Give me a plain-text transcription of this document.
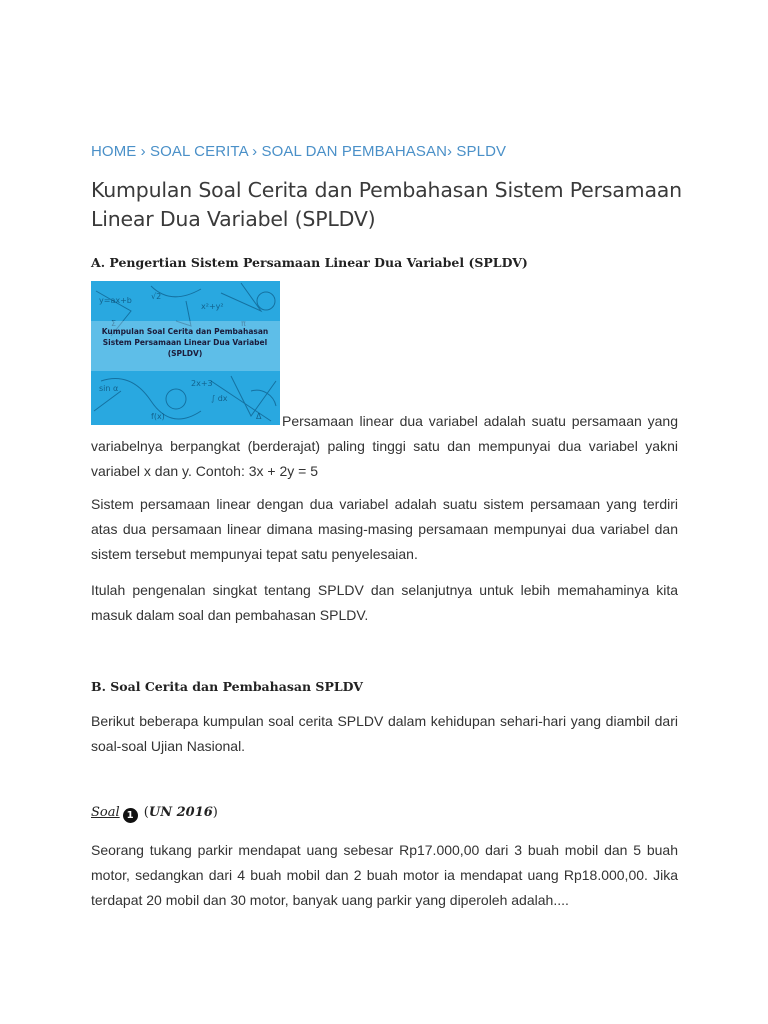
HOME › SOAL CERITA › SOAL DAN PEMBAHASAN› SPLDV
Kumpulan Soal Cerita dan Pembahasan Sistem Persamaan Linear Dua Variabel (SPLDV)
A. Pengertian Sistem Persamaan Linear Dua Variabel (SPLDV)
y=ax+b √2
x²+y²
π
Σ
sin α
f(x)
∫ dx
Δ
2x+3
Kumpulan Soal Cerita dan Pembahasan
Sistem Persamaan Linear Dua Variabel
(SPLDV)

Persamaan linear dua variabel adalah suatu persamaan yang variabelnya berpangkat (berderajat) paling tinggi satu dan mempunyai dua variabel yakni variabel x dan y. Contoh: 3x + 2y = 5

Sistem persamaan linear dengan dua variabel adalah suatu sistem persamaan yang terdiri atas dua persamaan linear dimana masing-masing persamaan mempunyai dua variabel dan sistem tersebut mempunyai tepat satu penyelesaian.

Itulah pengenalan singkat tentang SPLDV dan selanjutnya untuk lebih memahaminya kita masuk dalam soal dan pembahasan SPLDV.

B. Soal Cerita dan Pembahasan SPLDV

Berikut beberapa kumpulan soal cerita SPLDV dalam kehidupan sehari-hari yang diambil dari soal-soal Ujian Nasional.

Soal 1 (UN 2016)

Seorang tukang parkir mendapat uang sebesar Rp17.000,00 dari 3 buah mobil dan 5 buah motor, sedangkan dari 4 buah mobil dan 2 buah motor ia mendapat uang Rp18.000,00. Jika terdapat 20 mobil dan 30 motor, banyak uang parkir yang diperoleh adalah....
